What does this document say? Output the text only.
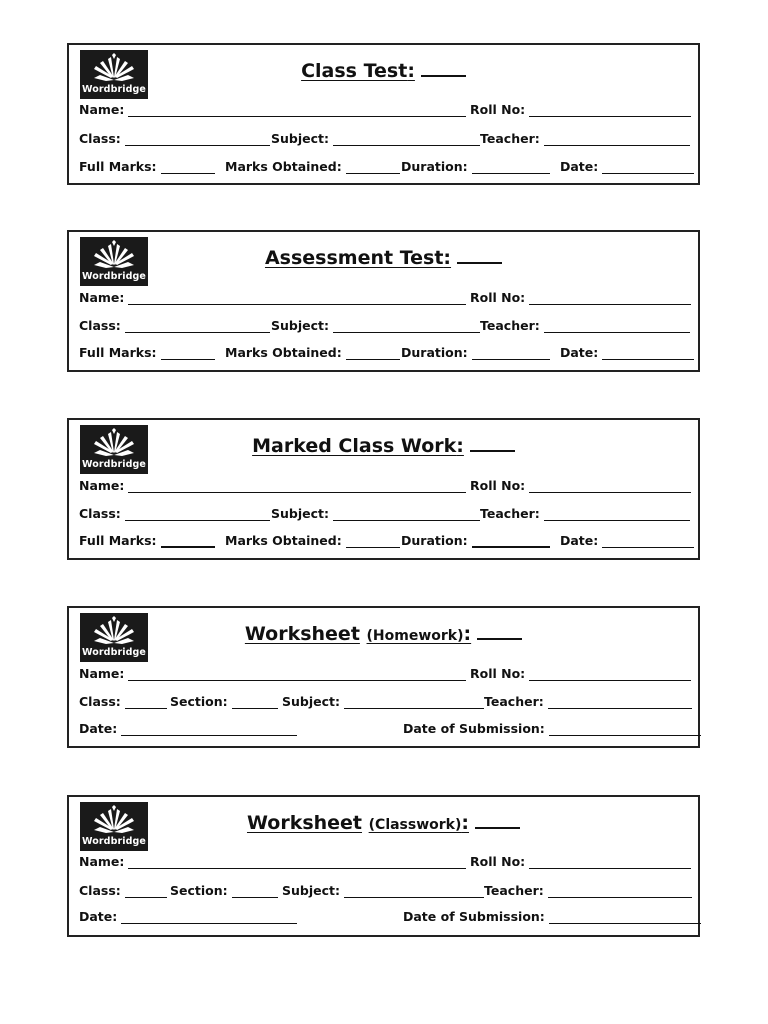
Wordbridge
Class Test:
Name:	Roll No:
Class:	Subject:	Teacher:
Full Marks:	Marks Obtained:	Duration:	Date:
Wordbridge
Assessment Test:
Name:	Roll No:
Class:	Subject:	Teacher:
Full Marks:	Marks Obtained:	Duration:	Date:
Wordbridge
Marked Class Work:
Name:	Roll No:
Class:	Subject:	Teacher:
Full Marks:	Marks Obtained:	Duration:	Date:
Wordbridge
Worksheet (Homework):
Name:	Roll No:
Class:	Section:	Subject:	Teacher:
Date:	Date of Submission:
Wordbridge
Worksheet (Classwork):
Name:	Roll No:
Class:	Section:	Subject:	Teacher:
Date:	Date of Submission:
